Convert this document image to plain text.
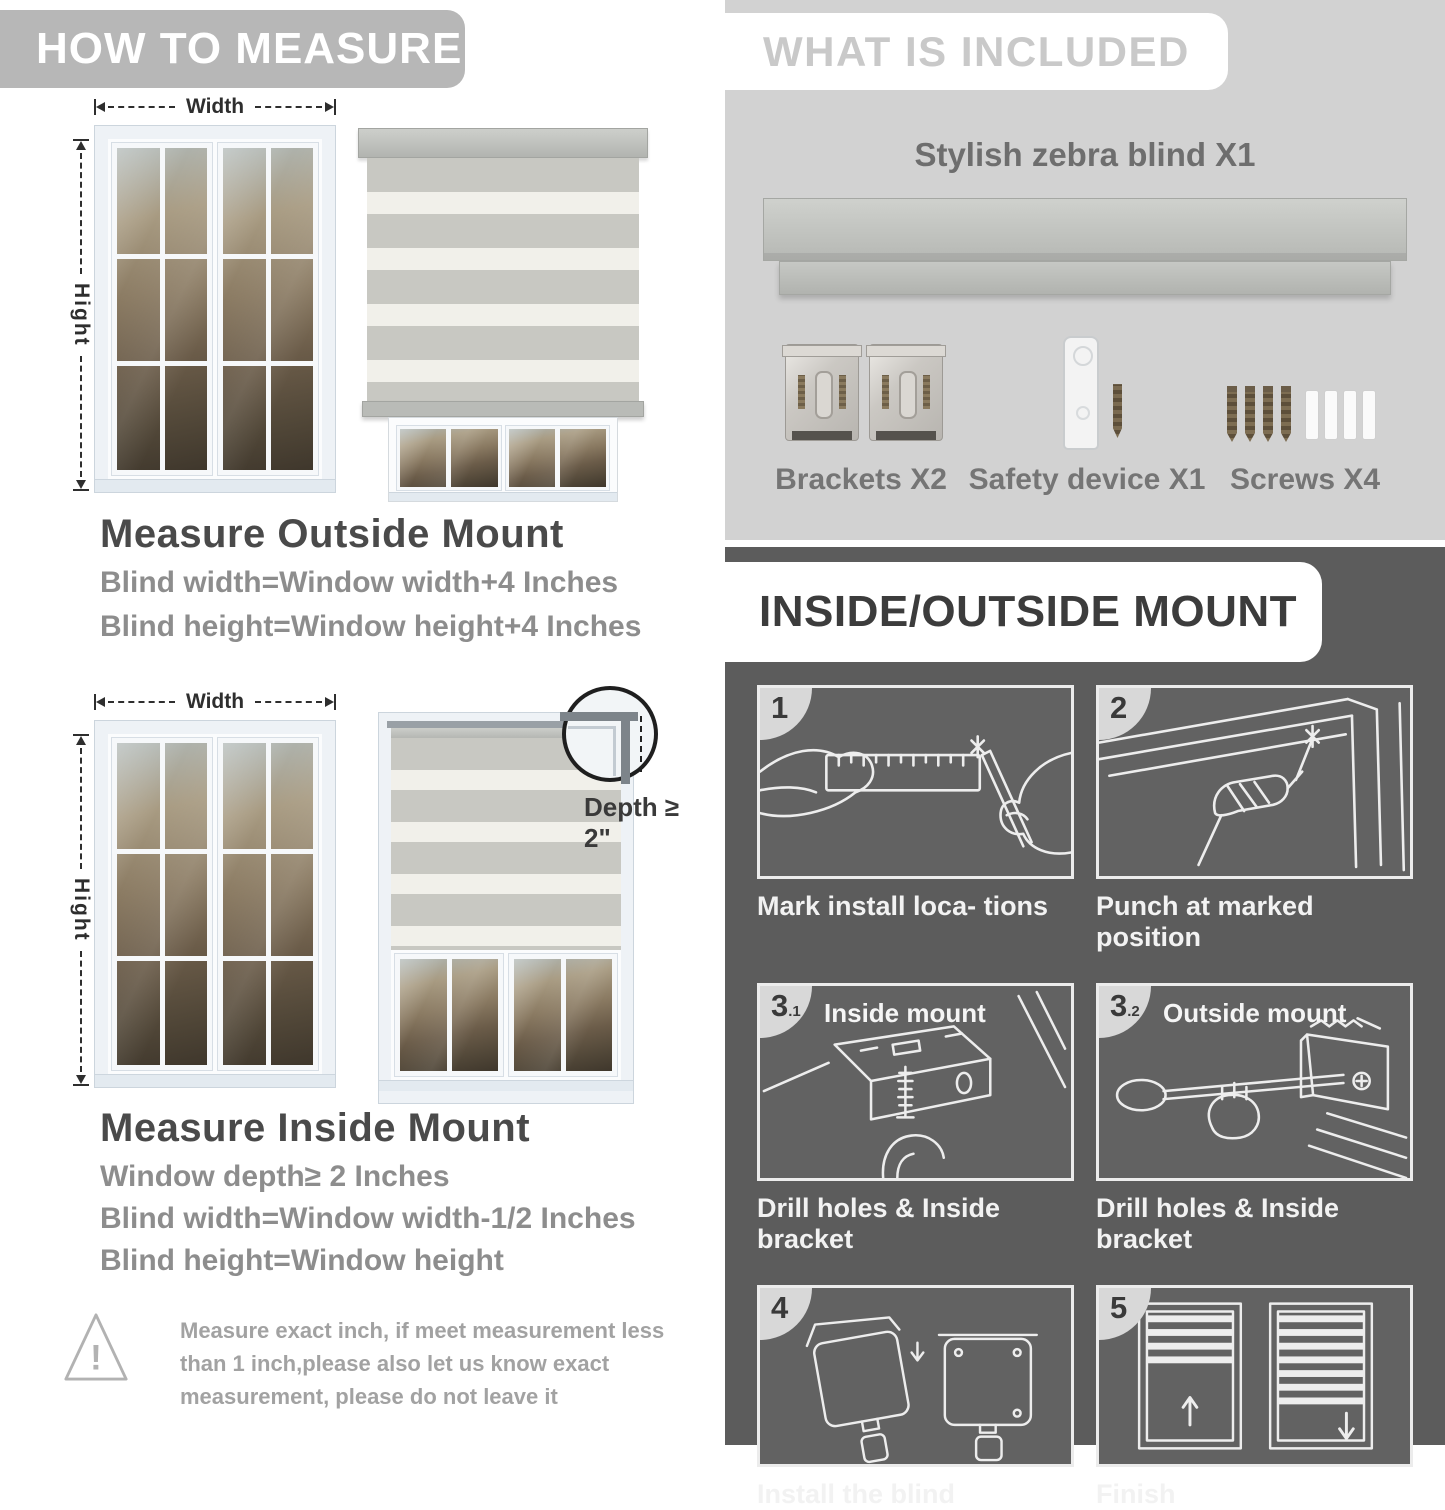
HOW TO MEASURE
Width
Hight
Measure Outside Mount
Blind width=Window width+4 Inches
Blind height=Window height+4 Inches
Width
Hight
Depth ≥ 2"
Measure Inside Mount
Window depth≥ 2 Inches
Blind width=Window width-1/2 Inches
Blind height=Window height
!
Measure exact inch, if meet measurement less
than 1 inch,please also let us know exact
measurement, please do not leave it
WHAT IS INCLUDED
Stylish zebra blind X1
Brackets X2 Safety device X1 Screws X4
INSIDE/OUTSIDE MOUNT
1
Mark install loca- tions
2
Punch at marked position
3.1 Inside mount
Drill holes & Inside bracket
3.2 Outside mount
Drill holes & Inside bracket
4
Install the blind
5
Finish
